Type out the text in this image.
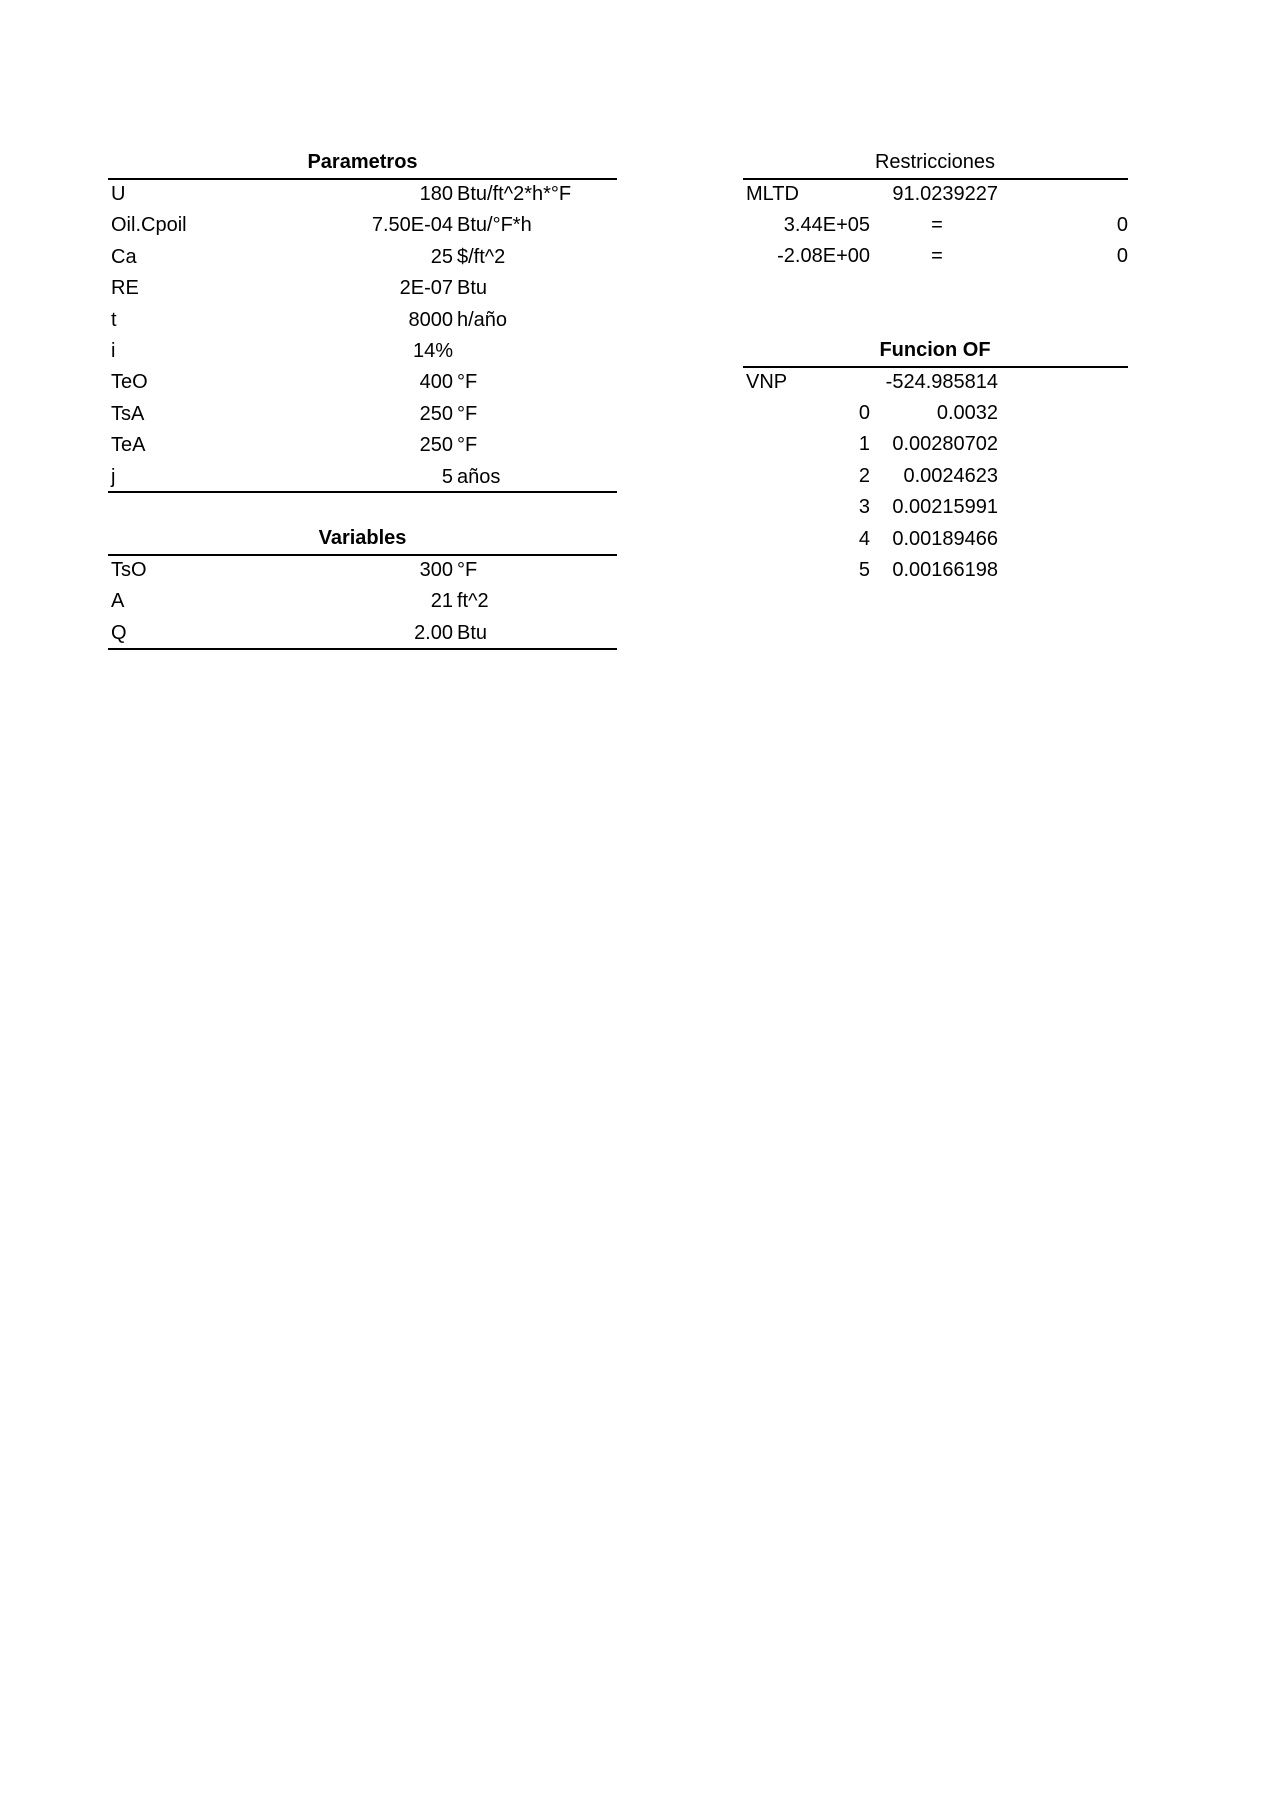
Parametros
U	180 Btu/ft^2*h*°F
Oil.Cpoil	7.50E-04 Btu/°F*h
Ca	25 $/ft^2
RE	2E-07 Btu
t	8000 h/año
i	14%
TeO	400 °F
TsA	250 °F
TeA	250 °F
j	5 años
Variables
TsO	300 °F
A	21 ft^2
Q	2.00 Btu
Restricciones
MLTD	91.0239227
3.44E+05	=	0
-2.08E+00	=	0
Funcion OF
VNP	-524.985814
0	0.0032
1	0.00280702
2	0.0024623
3	0.00215991
4	0.00189466
5	0.00166198
